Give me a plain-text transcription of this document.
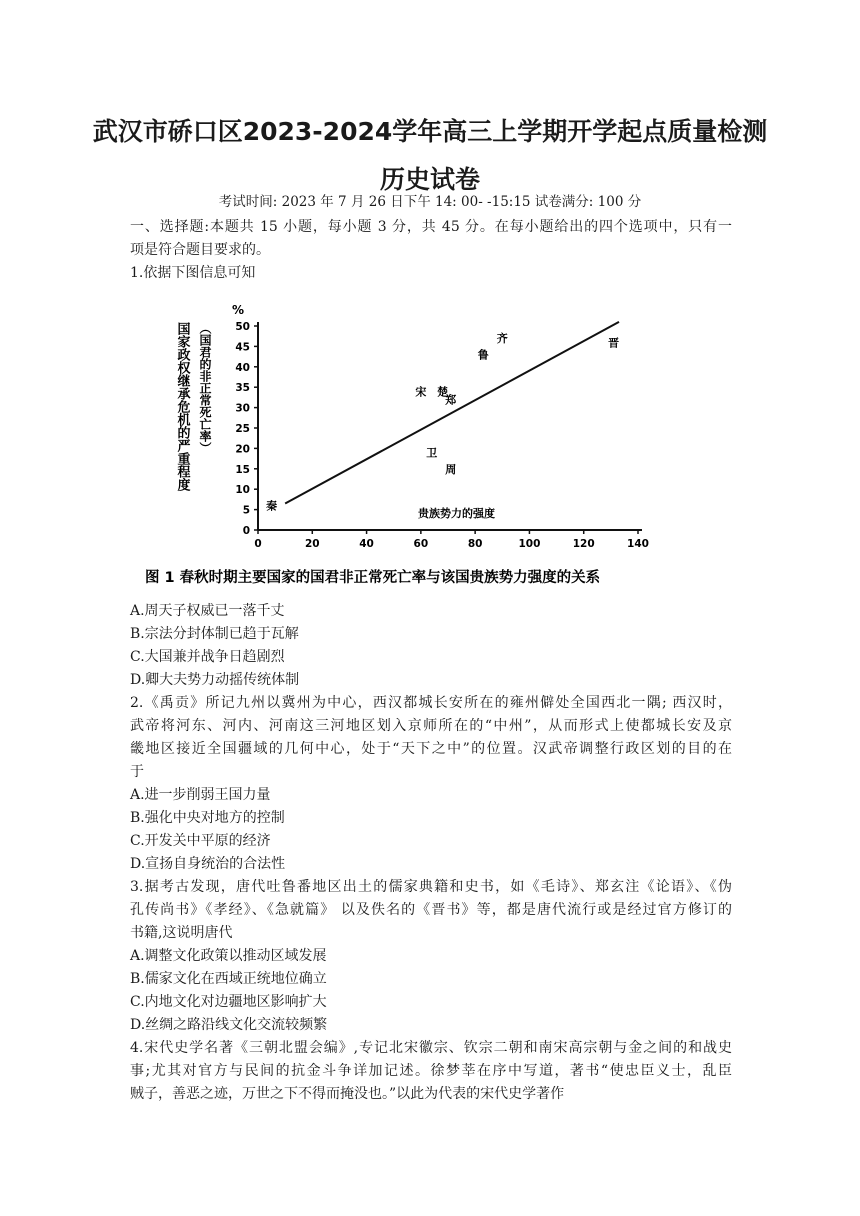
武汉市硚口区2023-2024学年高三上学期开学起点质量检测
历史试卷
考试时间: 2023 年 7 月 26 日下午 14: 00- -15:15 试卷满分: 100 分
一、选择题:本题共 15 小题，每小题 3 分，共 45 分。在每小题给出的四个选项中，只有一
项是符合题目要求的。
1.依据下图信息可知
0	20	40	60	80	100	120	140
0
5
10
15
20
25
30
35
40
45
50
秦
宋 楚
郑
卫
周
鲁
齐	晋
%
贵族势力的强度
国家政权继承危机的严重程度 （国君的非正常死亡率）
图 1 春秋时期主要国家的国君非正常死亡率与该国贵族势力强度的关系
A.周天子权威已一落千丈
B.宗法分封体制已趋于瓦解
C.大国兼并战争日趋剧烈
D.卿大夫势力动摇传统体制
2.《禹贡》所记九州以冀州为中心，西汉都城长安所在的雍州僻处全国西北一隅; 西汉时，
武帝将河东、河内、河南这三河地区划入京师所在的“中州”，从而形式上使都城长安及京
畿地区接近全国疆域的几何中心，处于“天下之中”的位置。汉武帝调整行政区划的目的在
于
A.进一步削弱王国力量
B.强化中央对地方的控制
C.开发关中平原的经济
D.宣扬自身统治的合法性
3.据考古发现，唐代吐鲁番地区出土的儒家典籍和史书，如《毛诗》、郑玄注《论语》、《伪
孔传尚书》《孝经》、《急就篇》 以及佚名的《晋书》等，都是唐代流行或是经过官方修订的
书籍,这说明唐代
A.调整文化政策以推动区域发展
B.儒家文化在西域正统地位确立
C.内地文化对边疆地区影响扩大
D.丝绸之路沿线文化交流较频繁
4.宋代史学名著《三朝北盟会编》,专记北宋徽宗、钦宗二朝和南宋高宗朝与金之间的和战史
事;尤其对官方与民间的抗金斗争详加记述。徐梦莘在序中写道，著书“使忠臣义士，乱臣
贼子，善恶之迹，万世之下不得而掩没也。”以此为代表的宋代史学著作
